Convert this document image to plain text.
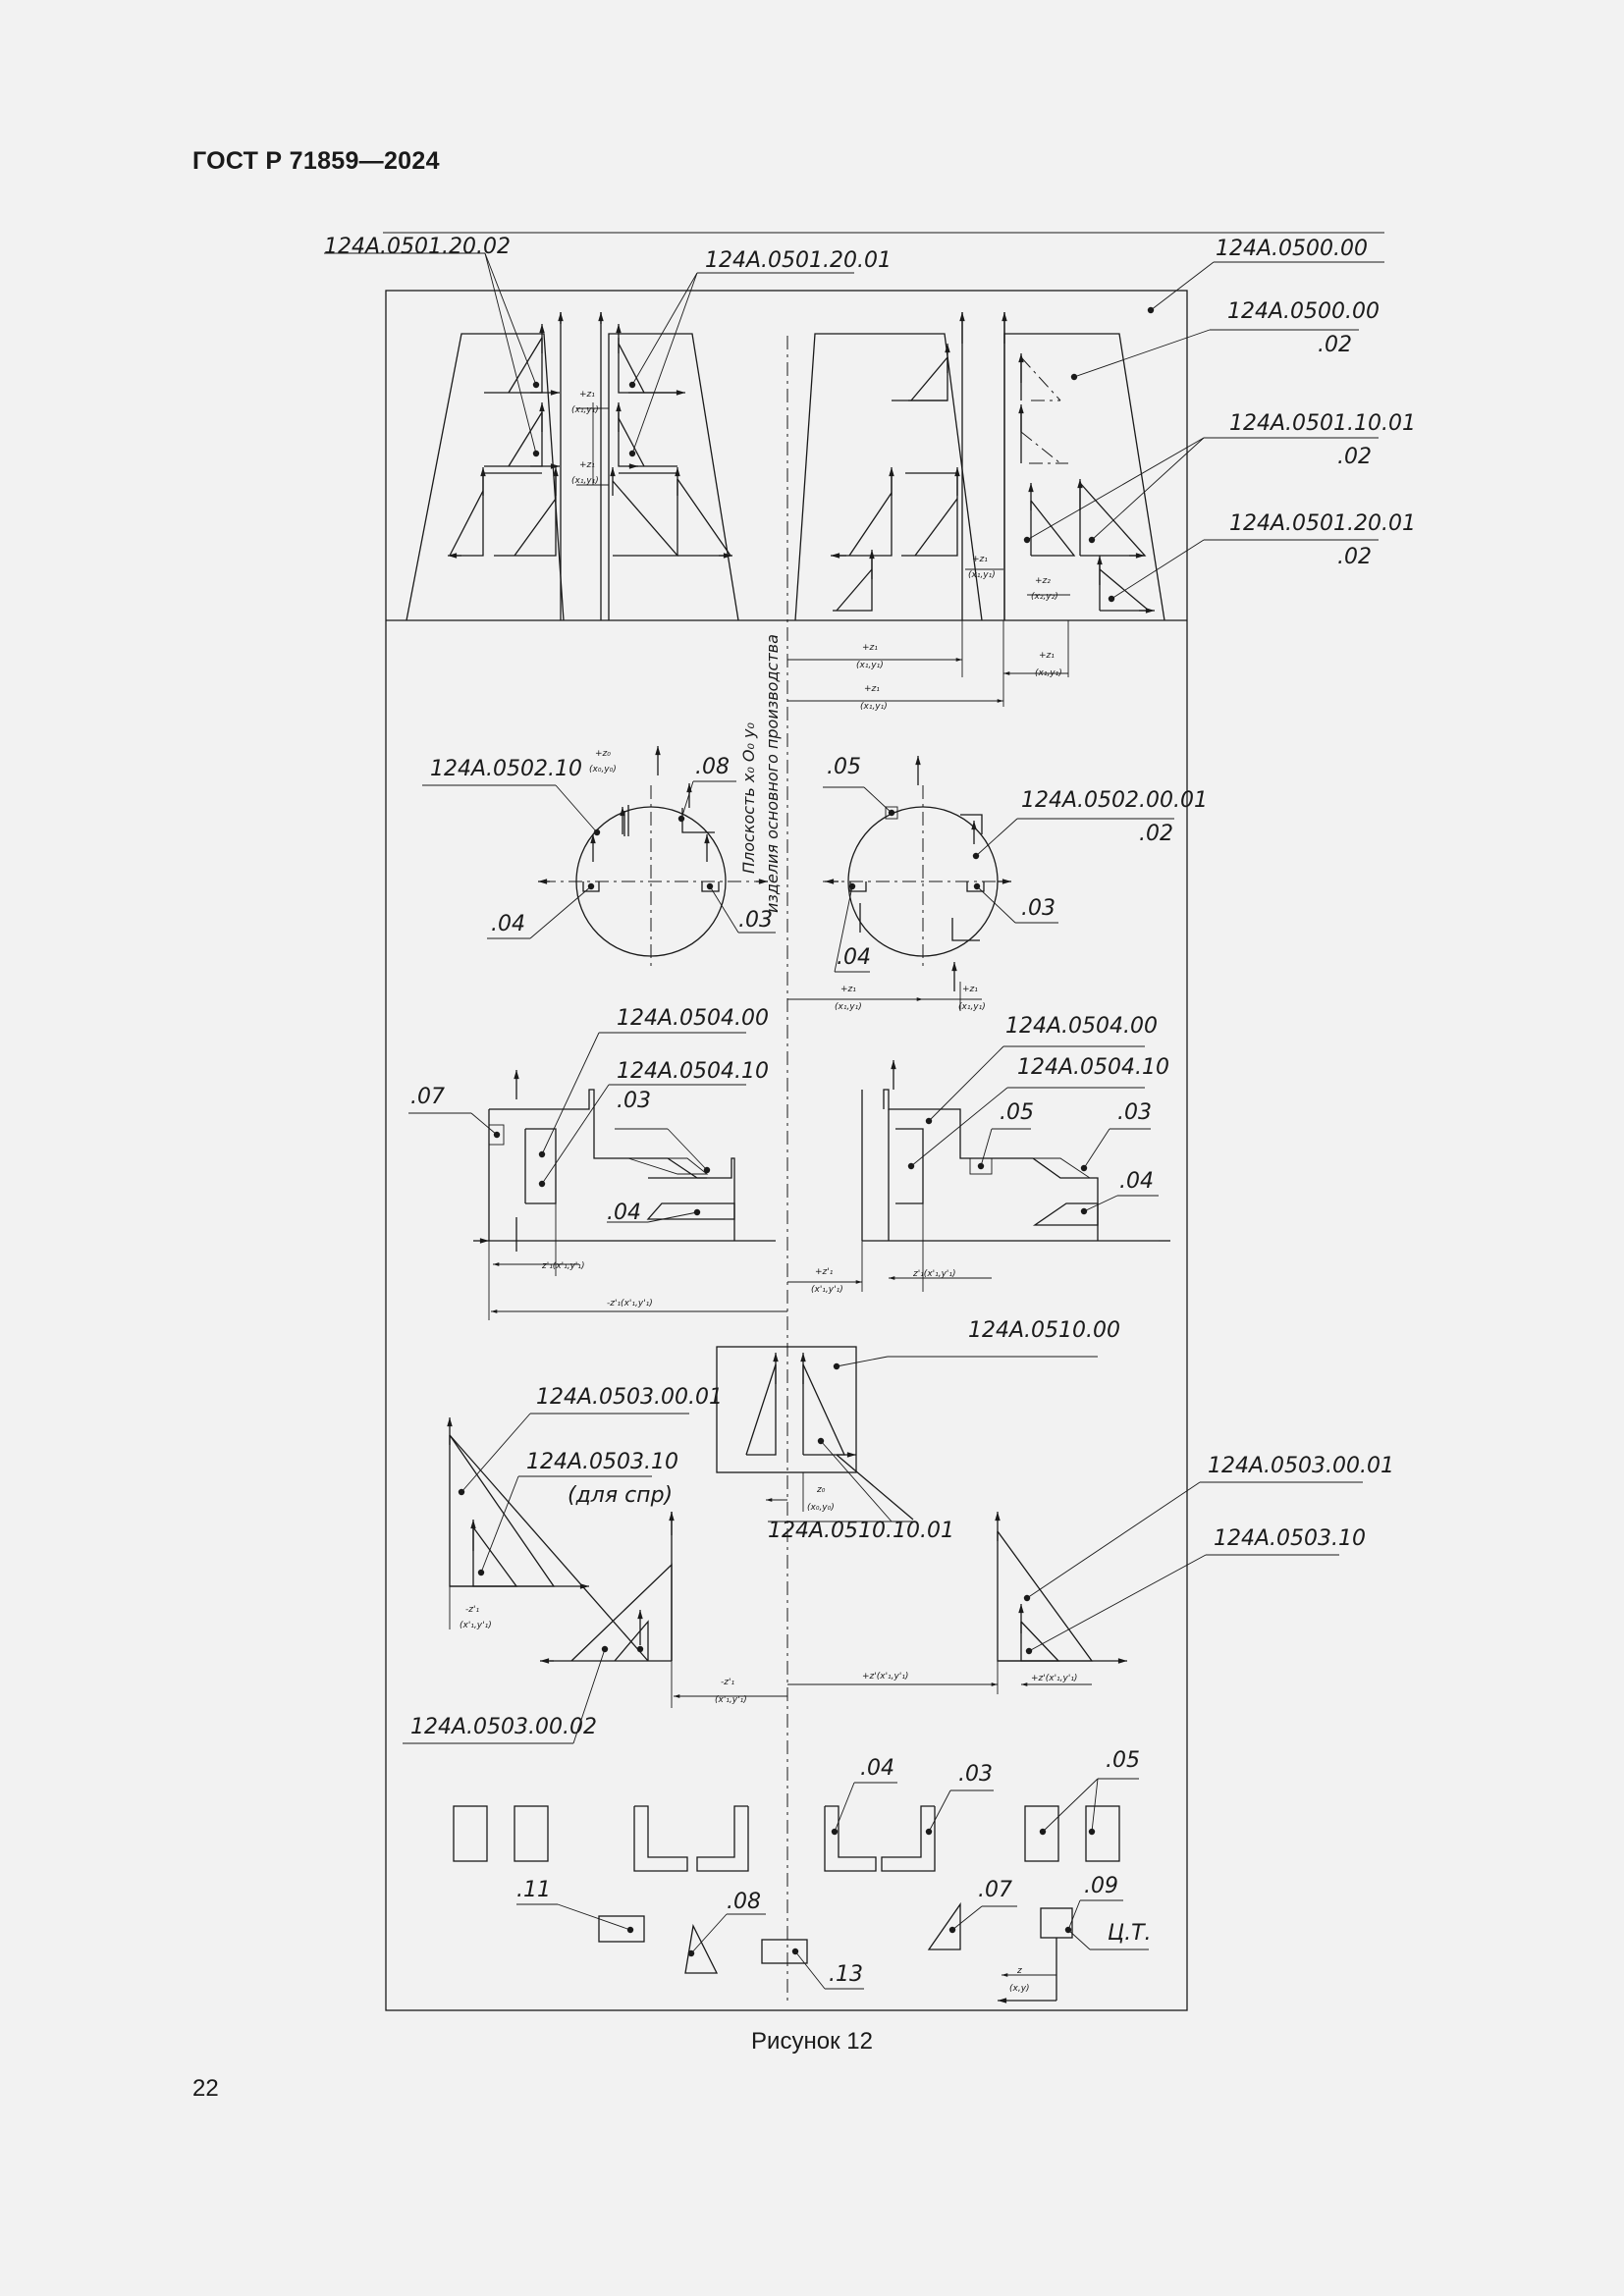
ГОСТ Р 71859—2024
124А.0501.20.02
124А.0501.20.01	124А.0500.00
124А.0500.00
.02
124А.0501.10.01
.02
124А.0501.20.01
.02
124А.0502.10	.08
.04	.03
.05
124А.0502.00.01
.02
.04
.03
124А.0504.00
124А.0504.10
.07	.03
.04
124А.0504.00
124А.0504.10
.05	.03
.04
124А.0510.00
124А.0503.00.01
124А.0503.10
(для спр)
124А.0510.10.01
124А.0503.00.01
124А.0503.10
124А.0503.00.02
.04	.03
.05
.11	.08	.07	.09
Ц.Т.
.13
Плоскость x₀ O₀ y₀ изделия основного производства
+z₁
(x₁,y₁)
+z₁
(x₁,y₁)
+z₁
(x₁,y₁)
+z₂
(x₂,y₂)
+z₁
(x₁,y₁)
+z₁
(x₁,y₁)
+z₁
(x₁,y₁)
+z₀
(x₀,y₀)
+z₁
(x₁,y₁)
+z₁
(x₁,y₁)
z'₁(x'₁,y'₁)
-z'₁(x'₁,y'₁)
+z'₁
(x'₁,y'₁)
z'₁(x'₁,y'₁)
z₀
(x₀,y₀)
-z'₁
(x'₁,y'₁)
-z'₁
(x'₁,y'₁)
+z'(x'₁,y'₁)	+z'(x'₁,y'₁)
z
(x,y)
Рисунок 12
22
